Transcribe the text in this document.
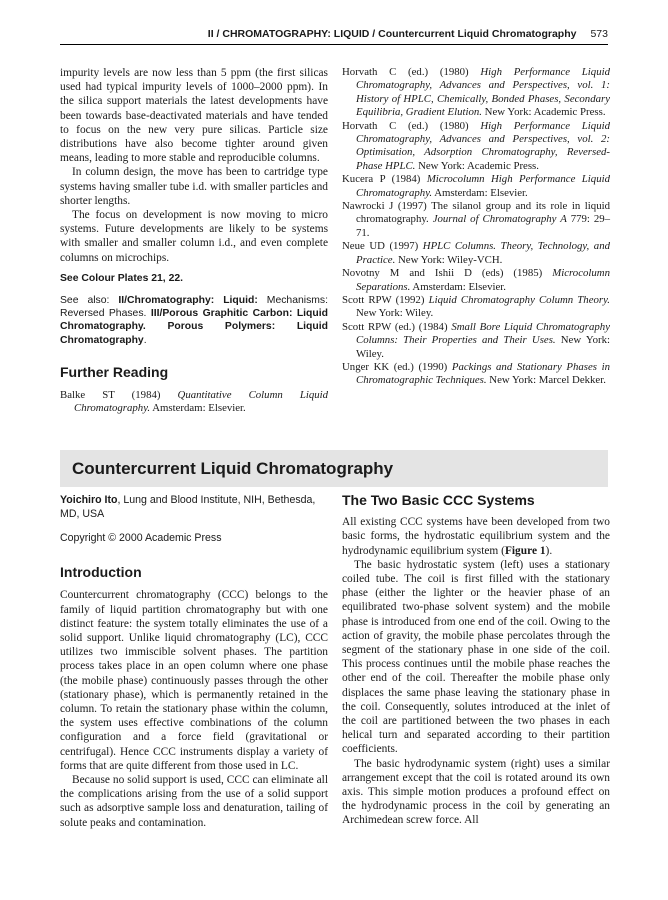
II / CHROMATOGRAPHY: LIQUID / Countercurrent Liquid Chromatography 573

impurity levels are now less than 5 ppm (the first silicas used had typical impurity levels of 1000–2000 ppm). In the silica support materials the latest developments have been towards base-deactivated materials and have tended to focus on the new very pure silicas. Particle size distributions have also become tighter around given means, leading to more stable and reproducible columns.

In column design, the move has been to cartridge type systems having smaller tube i.d. with smaller particles and shorter lengths.

The focus on development is now moving to micro systems. Future developments are likely to be systems with smaller and smaller column i.d., and even complete columns on microchips.

See Colour Plates 21, 22.

See also: II/Chromatography: Liquid: Mechanisms: Reversed Phases. III/Porous Graphitic Carbon: Liquid Chromatography. Porous Polymers: Liquid Chromatography.

Further Reading

Balke ST (1984) Quantitative Column Liquid Chromatography. Amsterdam: Elsevier.

Horvath C (ed.) (1980) High Performance Liquid Chromatography, Advances and Perspectives, vol. 1: History of HPLC, Chemically, Bonded Phases, Secondary Equilibria, Gradient Elution. New York: Academic Press.

Horvath C (ed.) (1980) High Performance Liquid Chromatography, Advances and Perspectives, vol. 2: Optimisation, Adsorption Chromatography, Reversed-Phase HPLC. New York: Academic Press.

Kucera P (1984) Microcolumn High Performance Liquid Chromatography. Amsterdam: Elsevier.

Nawrocki J (1997) The silanol group and its role in liquid chromatography. Journal of Chromatography A 779: 29–71.

Neue UD (1997) HPLC Columns. Theory, Technology, and Practice. New York: Wiley-VCH.

Novotny M and Ishii D (eds) (1985) Microcolumn Separations. Amsterdam: Elsevier.

Scott RPW (1992) Liquid Chromatography Column Theory. New York: Wiley.

Scott RPW (ed.) (1984) Small Bore Liquid Chromatography Columns: Their Properties and Their Uses. New York: Wiley.

Unger KK (ed.) (1990) Packings and Stationary Phases in Chromatographic Techniques. New York: Marcel Dekker.

Countercurrent Liquid Chromatography
Yoichiro Ito, Lung and Blood Institute, NIH, Bethesda, MD, USA
Copyright © 2000 Academic Press
Introduction

Countercurrent chromatography (CCC) belongs to the family of liquid partition chromatography but with one distinct feature: the system totally eliminates the use of a solid support. Unlike liquid chromatography (LC), CCC utilizes two immiscible solvent phases. The partition process takes place in an open column where one phase (the mobile phase) continuously passes through the other (stationary phase), which is permanently retained in the column. To retain the stationary phase within the column, the system uses effective combinations of the column configuration and a force field (gravitational or centrifugal). Hence CCC instruments display a variety of forms that are quite different from those used in LC.

Because no solid support is used, CCC can eliminate all the complications arising from the use of a solid support such as adsorptive sample loss and denaturation, tailing of solute peaks and contamination.

The Two Basic CCC Systems

All existing CCC systems have been developed from two basic forms, the hydrostatic equilibrium system and the hydrodynamic equilibrium system (Figure 1).

The basic hydrostatic system (left) uses a stationary coiled tube. The coil is first filled with the stationary phase (either the lighter or the heavier phase of an equilibrated two-phase solvent system) and the mobile phase is introduced from one end of the coil. Owing to the action of gravity, the mobile phase percolates through the segment of the stationary phase in one side of the coil. This process continues until the mobile phase reaches the other end of the coil. Thereafter the mobile phase only displaces the same phase leaving the stationary phase in the coil. Consequently, solutes introduced at the inlet of the coil are partitioned between the two phases in each helical turn and separated according to their partition coefficients.

The basic hydrodynamic system (right) uses a similar arrangement except that the coil is rotated around its own axis. This simple motion produces a profound effect on the hydrodynamic process in the coil by generating an Archimedean screw force. All
